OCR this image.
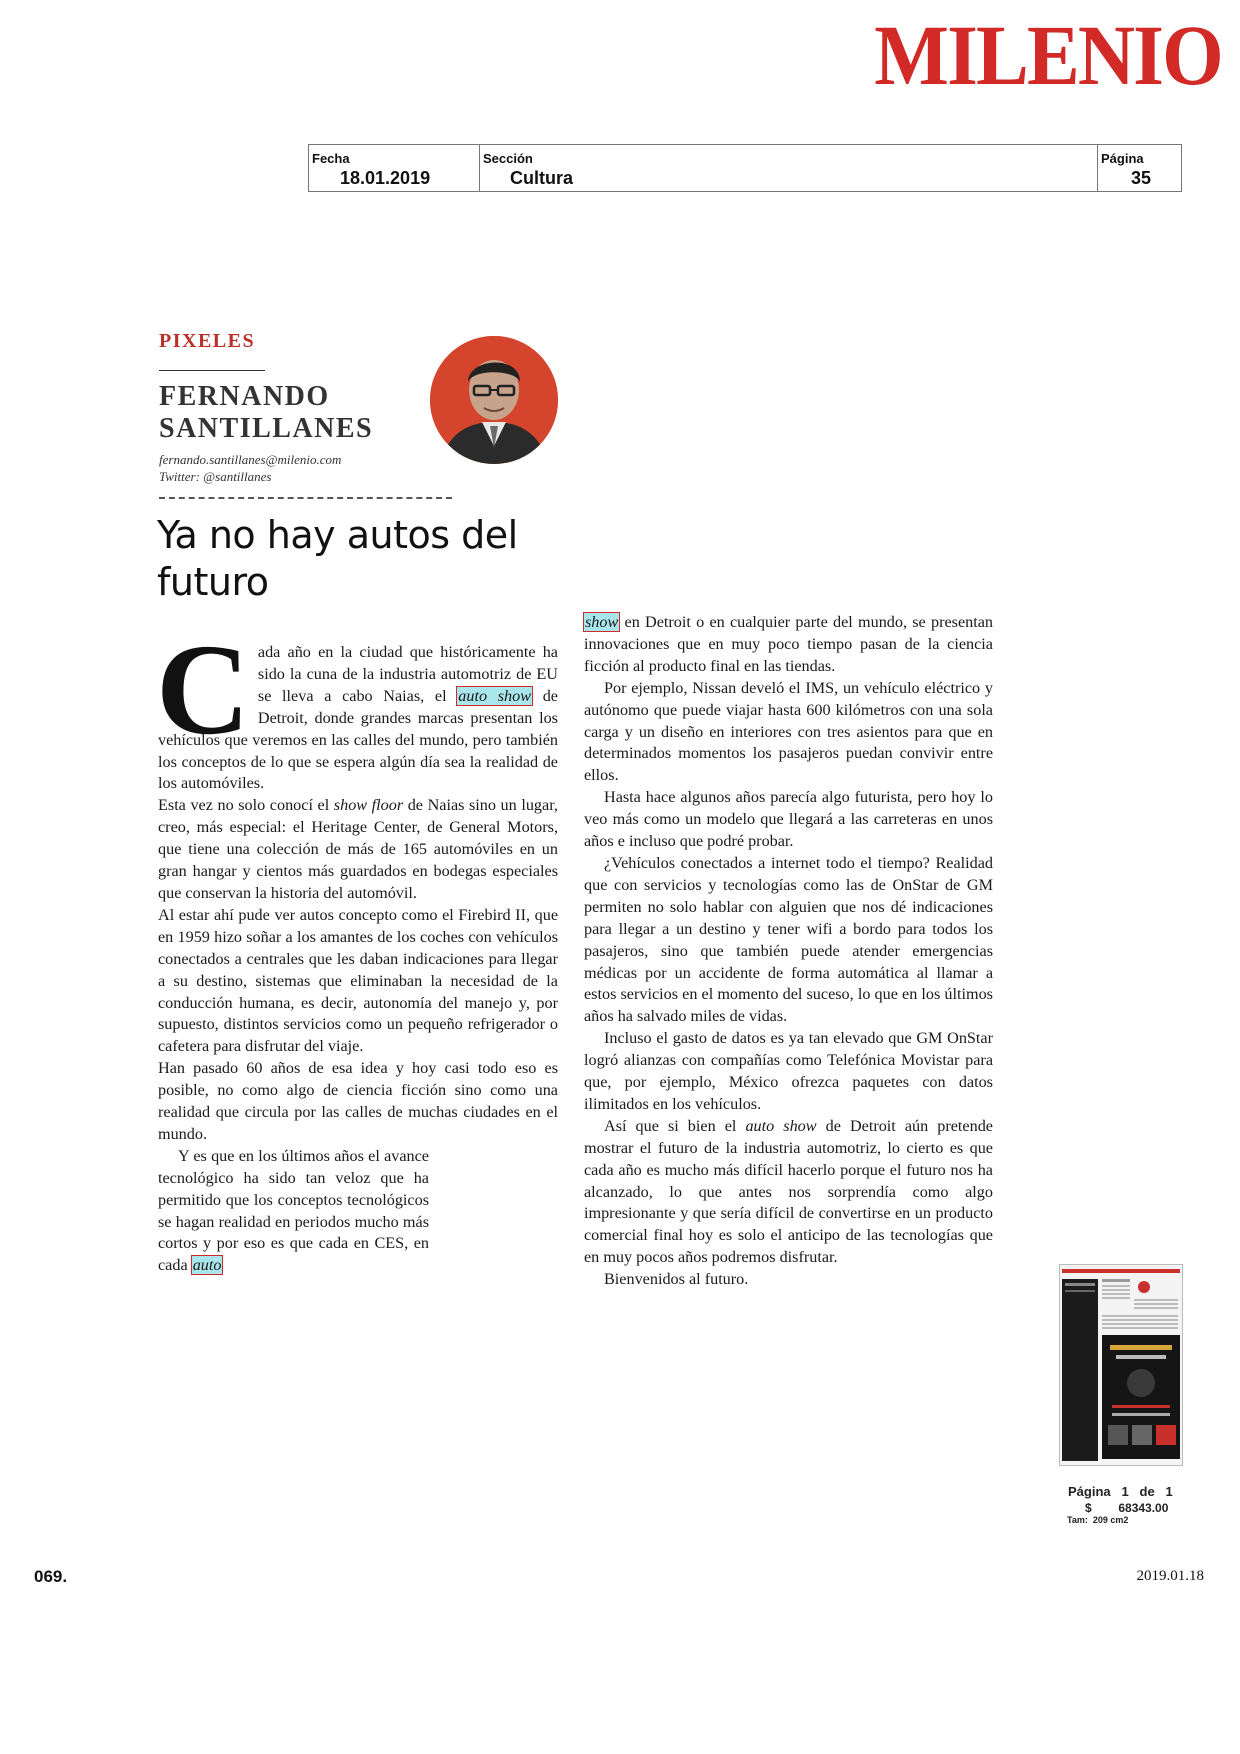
MILENIO
Fecha
18.01.2019
Sección
Cultura
Página
35
PIXELES
FERNANDO
SANTILLANES
fernando.santillanes@milenio.com
Twitter: @santillanes
Ya no hay autos del futuro

C ada año en la ciudad que históricamente ha sido la cuna de la industria automotriz de EU se lleva a cabo Naias, el auto show de Detroit, donde grandes marcas presentan los vehículos que veremos en las calles del mundo, pero también los conceptos de lo que se espera algún día sea la realidad de los automóviles.

Esta vez no solo conocí el show floor de Naias sino un lugar, creo, más especial: el Heritage Center, de General Motors, que tiene una colección de más de 165 automóviles en un gran hangar y cientos más guardados en bodegas especiales que conservan la historia del automóvil.

Al estar ahí pude ver autos concepto como el Firebird II, que en 1959 hizo soñar a los amantes de los coches con vehículos conectados a centrales que les daban indicaciones para llegar a su destino, sistemas que eliminaban la necesidad de la conducción humana, es decir, autonomía del manejo y, por supuesto, distintos servicios como un pequeño refrigerador o cafetera para disfrutar del viaje.

Han pasado 60 años de esa idea y hoy casi todo eso es posible, no como algo de ciencia ficción sino como una realidad que circula por las calles de muchas ciudades en el mundo.

Y es que en los últimos años el avance tecnológico ha sido tan veloz que ha permitido que los conceptos tecnológicos se hagan realidad en periodos mucho más cortos y por eso es que cada en CES, en cada auto

show en Detroit o en cualquier parte del mundo, se presentan innovaciones que en muy poco tiempo pasan de la ciencia ficción al producto final en las tiendas.

Por ejemplo, Nissan develó el IMS, un vehículo eléctrico y autónomo que puede viajar hasta 600 kilómetros con una sola carga y un diseño en interiores con tres asientos para que en determinados momentos los pasajeros puedan convivir entre ellos.

Hasta hace algunos años parecía algo futurista, pero hoy lo veo más como un modelo que llegará a las carreteras en unos años e incluso que podré probar.

¿Vehículos conectados a internet todo el tiempo? Realidad que con servicios y tecnologías como las de OnStar de GM permiten no solo hablar con alguien que nos dé indicaciones para llegar a un destino y tener wifi a bordo para todos los pasajeros, sino que también puede atender emergencias médicas por un accidente de forma automática al llamar a estos servicios en el momento del suceso, lo que en los últimos años ha salvado miles de vidas.

Incluso el gasto de datos es ya tan elevado que GM OnStar logró alianzas con compañías como Telefónica Movistar para que, por ejemplo, México ofrezca paquetes con datos ilimitados en los vehículos.

Así que si bien el auto show de Detroit aún pretende mostrar el futuro de la industria automotriz, lo cierto es que cada año es mucho más difícil hacerlo porque el futuro nos ha alcanzado, lo que antes nos sorprendía como algo impresionante y que sería difícil de convertirse en un producto comercial final hoy es solo el anticipo de las tecnologías que en muy pocos años podremos disfrutar.

Bienvenidos al futuro.

Página   1   de   1
$        68343.00
Tam:  209 cm2
069.	2019.01.18
